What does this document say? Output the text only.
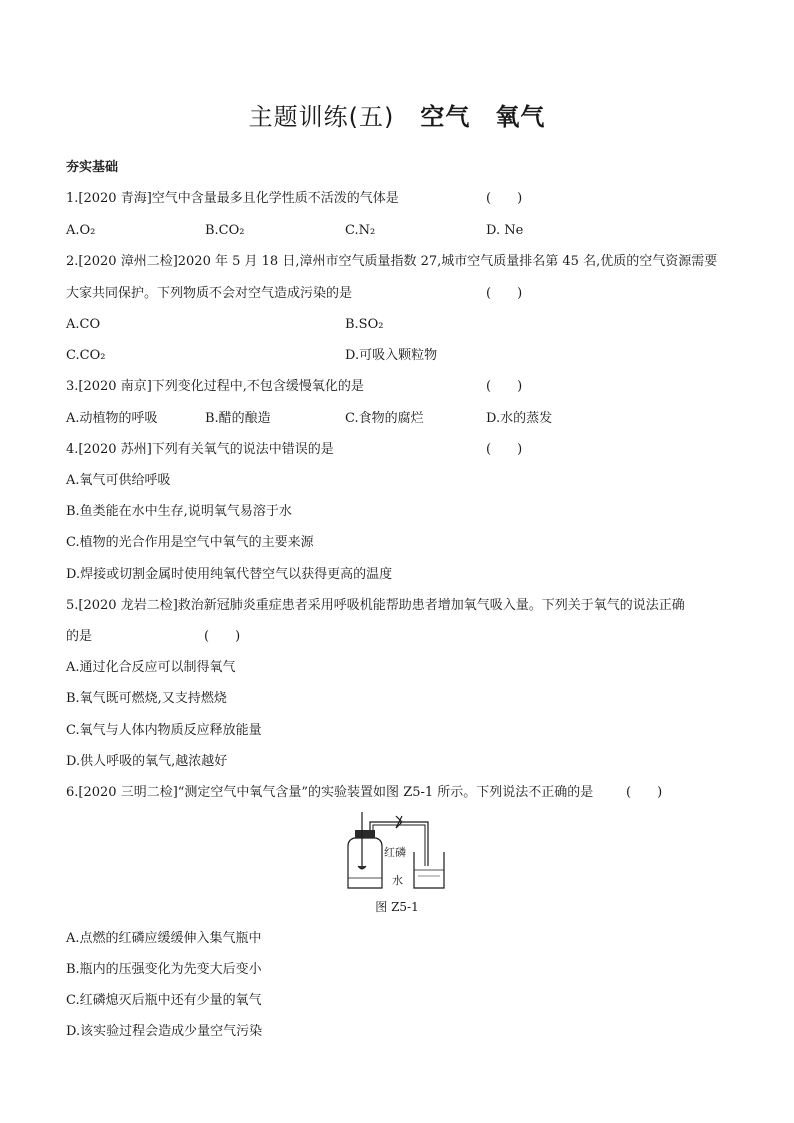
主题训练(五) 空气　氧气
夯实基础
1.[2020 青海]空气中含量最多且化学性质不活泼的气体是	(　　)
A.O₂	B.CO₂	C.N₂	D. Ne
2.[2020 漳州二检]2020 年 5 月 18 日,漳州市空气质量指数 27,城市空气质量排名第 45 名,优质的空气资源需要
大家共同保护。下列物质不会对空气造成污染的是	(　　)
A.CO	B.SO₂
C.CO₂	D.可吸入颗粒物
3.[2020 南京]下列变化过程中,不包含缓慢氧化的是	(　　)
A.动植物的呼吸	B.醋的酿造	C.食物的腐烂	D.水的蒸发
4.[2020 苏州]下列有关氧气的说法中错误的是	(　　)
A.氧气可供给呼吸
B.鱼类能在水中生存,说明氧气易溶于水
C.植物的光合作用是空气中氧气的主要来源
D.焊接或切割金属时使用纯氧代替空气以获得更高的温度
5.[2020 龙岩二检]救治新冠肺炎重症患者采用呼吸机能帮助患者增加氧气吸入量。下列关于氧气的说法正确
的是	(　　)
A.通过化合反应可以制得氧气
B.氧气既可燃烧,又支持燃烧
C.氧气与人体内物质反应释放能量
D.供人呼吸的氧气,越浓越好
6.[2020 三明二检]“测定空气中氧气含量”的实验装置如图 Z5-1 所示。下列说法不正确的是	(　　)
红磷
水
图 Z5-1
A.点燃的红磷应缓缓伸入集气瓶中
B.瓶内的压强变化为先变大后变小
C.红磷熄灭后瓶中还有少量的氧气
D.该实验过程会造成少量空气污染
